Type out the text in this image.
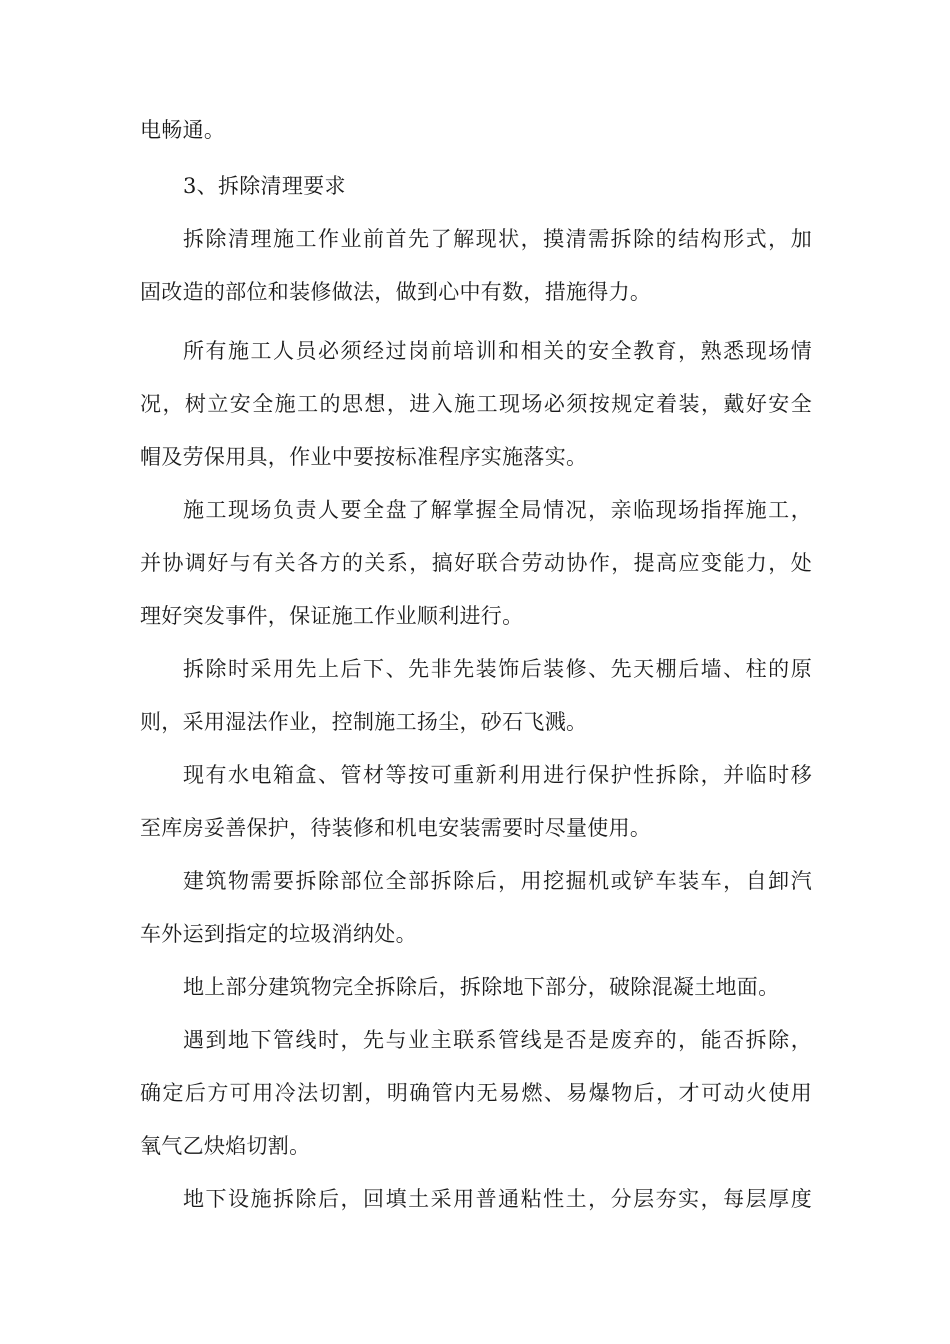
电畅通。
3、拆除清理要求
拆除清理施工作业前首先了解现状，摸清需拆除的结构形式，加
固改造的部位和装修做法，做到心中有数，措施得力。
所有施工人员必须经过岗前培训和相关的安全教育，熟悉现场情
况，树立安全施工的思想，进入施工现场必须按规定着装，戴好安全
帽及劳保用具，作业中要按标准程序实施落实。
施工现场负责人要全盘了解掌握全局情况，亲临现场指挥施工，
并协调好与有关各方的关系，搞好联合劳动协作，提高应变能力，处
理好突发事件，保证施工作业顺利进行。
拆除时采用先上后下、先非先装饰后装修、先天棚后墙、柱的原
则，采用湿法作业，控制施工扬尘，砂石飞溅。
现有水电箱盒、管材等按可重新利用进行保护性拆除，并临时移
至库房妥善保护，待装修和机电安装需要时尽量使用。
建筑物需要拆除部位全部拆除后，用挖掘机或铲车装车，自卸汽
车外运到指定的垃圾消纳处。
地上部分建筑物完全拆除后，拆除地下部分，破除混凝土地面。
遇到地下管线时，先与业主联系管线是否是废弃的，能否拆除，
确定后方可用冷法切割，明确管内无易燃、易爆物后，才可动火使用
氧气乙炔焰切割。
地下设施拆除后，回填土采用普通粘性土，分层夯实，每层厚度
